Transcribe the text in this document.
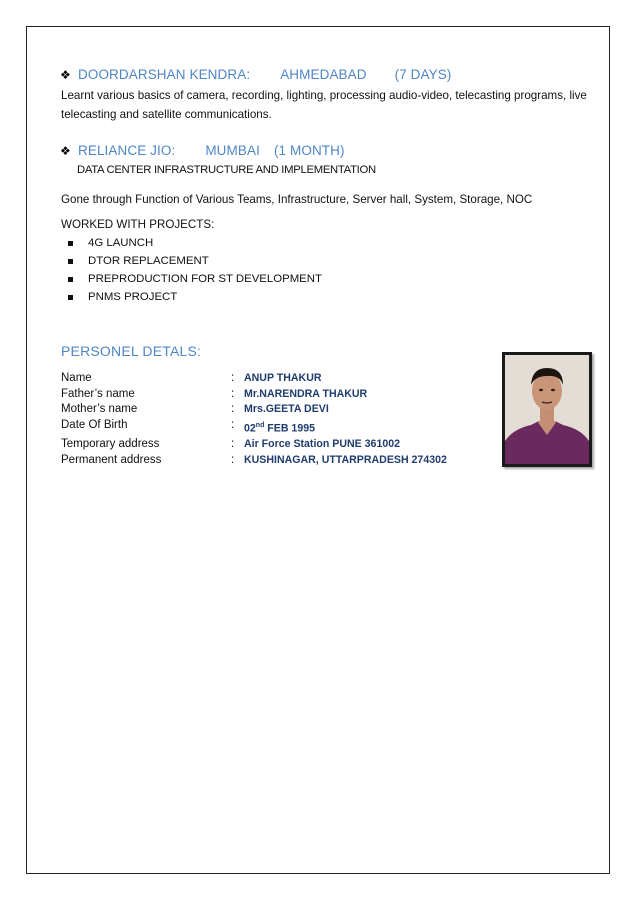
❖ DOORDARSHAN KENDRA: AHMEDABAD (7 DAYS)
Learnt various basics of camera, recording, lighting, processing audio-video, telecasting programs, live
telecasting and satellite communications.
❖ RELIANCE JIO: MUMBAI (1 MONTH)
DATA CENTER INFRASTRUCTURE AND IMPLEMENTATION
Gone through Function of Various Teams, Infrastructure, Server hall, System, Storage, NOC
WORKED WITH PROJECTS:
4G LAUNCH
DTOR REPLACEMENT
PREPRODUCTION FOR ST DEVELOPMENT
PNMS PROJECT
PERSONEL DETALS:
Name	: ANUP THAKUR
Father’s name	: Mr.NARENDRA THAKUR
Mother’s name	: Mrs.GEETA DEVI
Date Of Birth	: 02nd FEB 1995
Temporary address	: Air Force Station PUNE 361002
Permanent address	: KUSHINAGAR, UTTARPRADESH 274302
